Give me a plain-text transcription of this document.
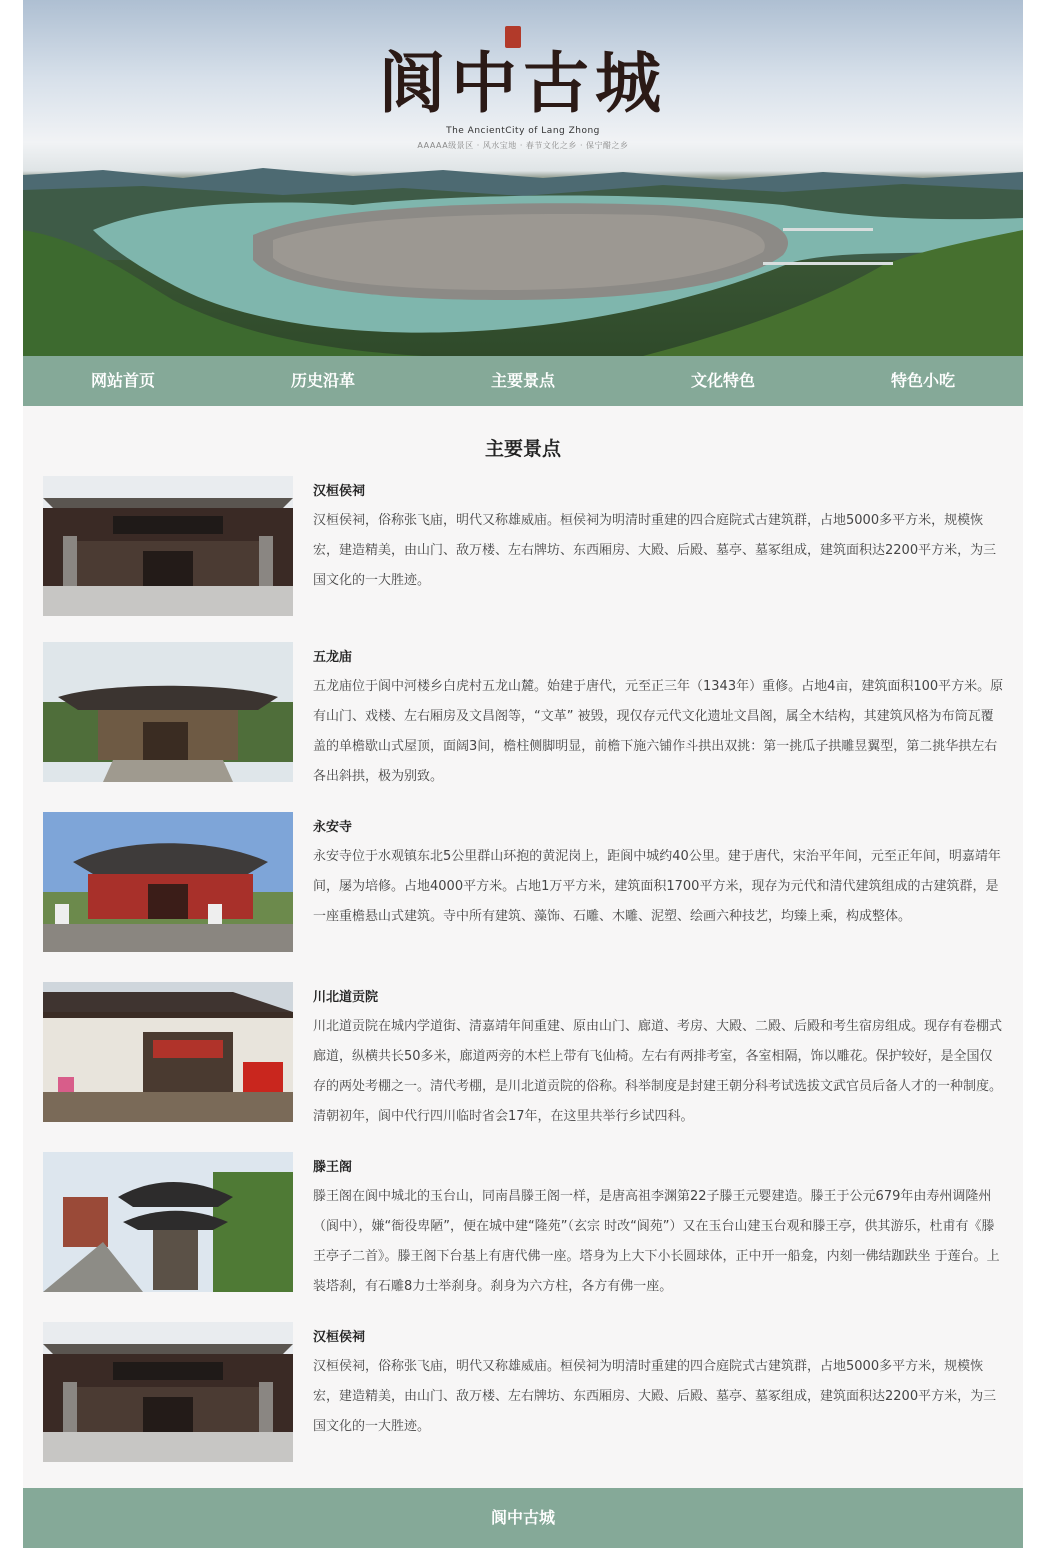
阆中古城
The AncientCity of Lang Zhong
AAAAA级景区 · 风水宝地 · 春节文化之乡 · 保宁醋之乡
网站首页	历史沿革	主要景点	文化特色	特色小吃
主要景点
汉桓侯祠
汉桓侯祠，俗称张飞庙，明代又称雄威庙。桓侯祠为明清时重建的四合庭院式古建筑群，占地5000多平方米，规模恢宏，建造精美，由山门、敌万楼、左右牌坊、东西厢房、大殿、后殿、墓亭、墓冢组成，建筑面积达2200平方米，为三国文化的一大胜迹。
五龙庙
五龙庙位于阆中河楼乡白虎村五龙山麓。始建于唐代，元至正三年（1343年）重修。占地4亩，建筑面积100平方米。原有山门、戏楼、左右厢房及文昌阁等，“文革” 被毁，现仅存元代文化遗址文昌阁，属全木结构，其建筑风格为布筒瓦覆盖的单檐歇山式屋顶，面阔3间，檐柱侧脚明显，前檐下施六铺作斗拱出双挑：第一挑瓜子拱雕昱翼型，第二挑华拱左右各出斜拱，极为别致。
永安寺
永安寺位于水观镇东北5公里群山环抱的黄泥岗上，距阆中城约40公里。建于唐代，宋治平年间，元至正年间，明嘉靖年间，屡为培修。占地4000平方米。占地1万平方米，建筑面积1700平方米，现存为元代和清代建筑组成的古建筑群，是一座重檐悬山式建筑。寺中所有建筑、藻饰、石雕、木雕、泥塑、绘画六种技艺，均臻上乘，构成整体。
川北道贡院
川北道贡院在城内学道街、清嘉靖年间重建、原由山门、廊道、考房、大殿、二殿、后殿和考生宿房组成。现存有卷棚式廊道，纵横共长50多米，廊道两旁的木栏上带有飞仙椅。左右有两排考室，各室相隔，饰以雕花。保护较好，是全国仅存的两处考棚之一。清代考棚，是川北道贡院的俗称。科举制度是封建王朝分科考试选拔文武官员后备人才的一种制度。清朝初年，阆中代行四川临时省会17年，在这里共举行乡试四科。
滕王阁
滕王阁在阆中城北的玉台山，同南昌滕王阁一样，是唐高祖李渊第22子滕王元婴建造。滕王于公元679年由寿州调隆州（阆中），嫌“衙役卑陋”，便在城中建“隆苑”（玄宗 时改“阆苑”）又在玉台山建玉台观和滕王亭，供其游乐，杜甫有《滕王亭子二首》。滕王阁下台基上有唐代佛一座。塔身为上大下小长圆球体，正中开一船龛，内刻一佛结跏趺坐 于莲台。上装塔刹，有石雕8力士举刹身。刹身为六方柱，各方有佛一座。
汉桓侯祠
汉桓侯祠，俗称张飞庙，明代又称雄威庙。桓侯祠为明清时重建的四合庭院式古建筑群，占地5000多平方米，规模恢宏，建造精美，由山门、敌万楼、左右牌坊、东西厢房、大殿、后殿、墓亭、墓冢组成，建筑面积达2200平方米，为三国文化的一大胜迹。
阆中古城
